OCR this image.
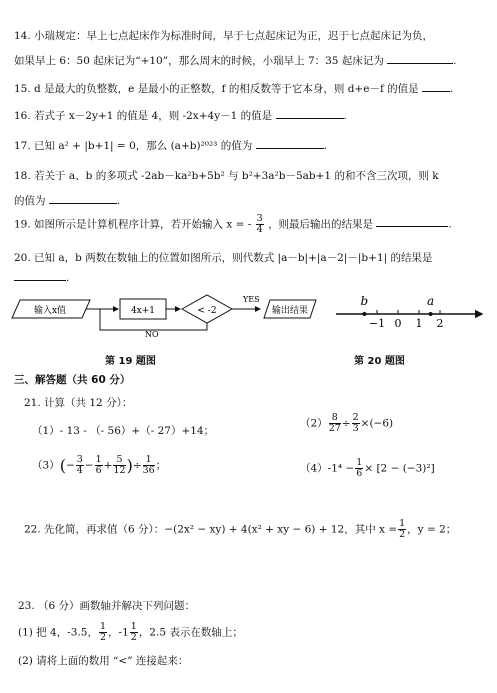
14. 小瑞规定：早上七点起床作为标准时间，早于七点起床记为正，迟于七点起床记为负，
如果早上 6：50 起床记为“+10”，那么周末的时候，小瑞早上 7：35 起床记为	.
15. d 是最大的负整数，e 是最小的正整数，f 的相反数等于它本身，则 d+e－f 的值是	.
16. 若式子 x－2y+1 的值是 4，则 -2x+4y－1 的值是	.
17. 已知 a² + |b+1| = 0，那么 (a+b)²⁰²³ 的值为	.
18. 若关于 a、b 的多项式 -2ab－ka²b+5b² 与 b²+3a²b－5ab+1 的和不含三次项，则 k
的值为	.
19. 如图所示是计算机程序计算，若开始输入 x = - $\frac{3}{4}$ ，则最后输出的结果是	.
20. 已知 a，b 两数在数轴上的位置如图所示，则代数式 |a－b|+|a－2|－|b+1| 的结果是
.
输入x值	4x+1	< -2
YES
输出结果
NO
−1 0 1 2
b	a
第 19 题图	第 20 题图
三、解答题（共 60 分）
21. 计算（共 12 分）：
（1）- 13 - （- 56）+（- 27）+14；
$(2) \frac{8}{27} \div \frac{2}{3} \times(-6)$
$(3)(- \frac{3}{4} - \frac{1}{6} + \frac{5}{12}$ )÷ $\frac{1}{36}$ ；	$(4)-1^4 - \frac{1}{6} \times [2 - (-3)^2]$
22. 先化简，再求值（6 分）：−(2x² − xy) + 4(x² + xy − 6) + 12，其中 $x = \frac{1}{2}$ ，y = 2；
23. （6 分）画数轴并解决下列问题：
(1) 把 4，-3.5， $\frac{1}{2}$ ，$-1 \frac{1}{2}$ ，2.5 表示在数轴上；
(2) 请将上面的数用 “<” 连接起来：
